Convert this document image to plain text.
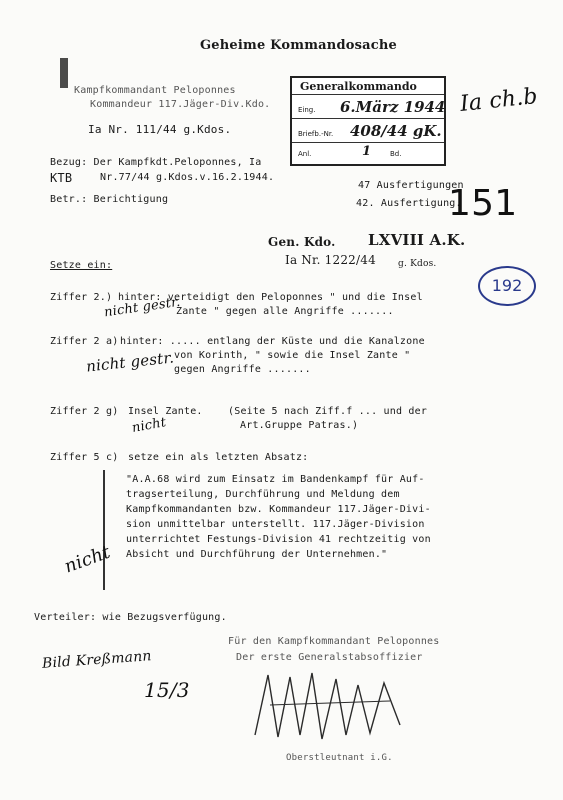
Geheime Kommandosache
Kampfkommandant Peloponnes
Kommandeur 117.Jäger-Div.Kdo.
Ia Nr. 111/44 g.Kdos.
Generalkommando
Eing. 6.März 1944
Briefb.-Nr. 408/44 gK.
Anl.	1	Bd.
Ia ch.b
151
192
Bezug: Der Kampfkdt.Peloponnes, Ia
KTB	Nr.77/44 g.Kdos.v.16.2.1944.
47 Ausfertigungen
Betr.: Berichtigung	42. Ausfertigung.
Gen. Kdo. LXVIII A.K.
Ia Nr. 1222/44 g. Kdos.
Setze ein:
Ziffer 2.) hinter: verteidigt den Peloponnes " und die Insel
Zante " gegen alle Angriffe .......
nicht gestr.
Ziffer 2 a) hinter: ..... entlang der Küste und die Kanalzone
von Korinth, " sowie die Insel Zante "
gegen Angriffe .......
nicht gestr.
Ziffer 2 g) Insel Zante.	(Seite 5 nach Ziff.f ... und der
Art.Gruppe Patras.)
nicht
Ziffer 5 c) setze ein als letzten Absatz:
"A.A.68 wird zum Einsatz im Bandenkampf für Auf-
tragserteilung, Durchführung und Meldung dem
Kampfkommandanten bzw. Kommandeur 117.Jäger-Divi-
sion unmittelbar unterstellt. 117.Jäger-Division
unterrichtet Festungs-Division 41 rechtzeitig von
Absicht und Durchführung der Unternehmen."
nicht
Verteiler: wie Bezugsverfügung.
Für den Kampfkommandant Peloponnes
Der erste Generalstabsoffizier
Bild Kreßmann
15/3
Oberstleutnant i.G.
